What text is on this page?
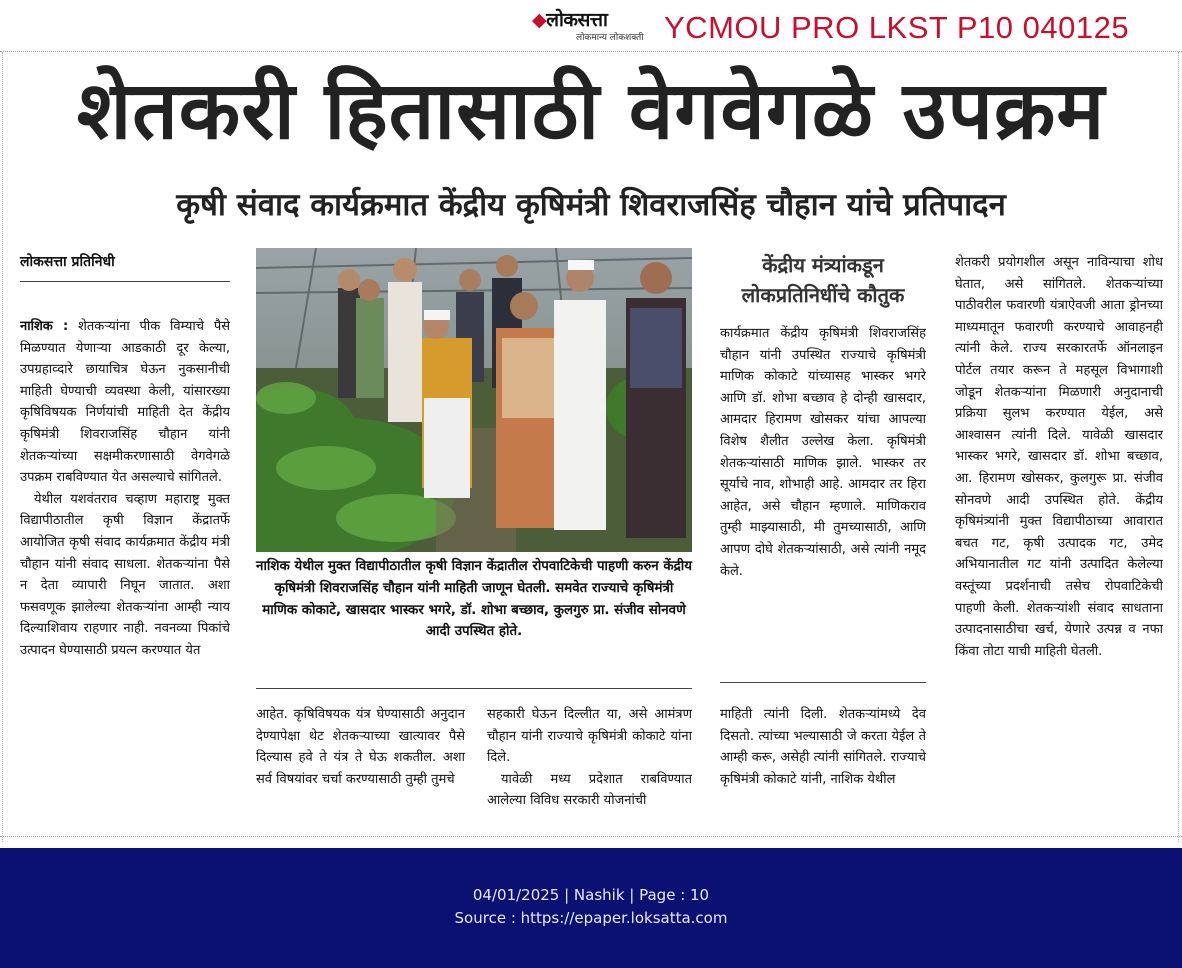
◆लोकसत्ता
लोकमान्य लोकशक्ती YCMOU PRO LKST P10 040125
शेतकरी हितासाठी वेगवेगळे उपक्रम
कृषी संवाद कार्यक्रमात केंद्रीय कृषिमंत्री शिवराजसिंह चौहान यांचे प्रतिपादन
लोकसत्ता प्रतिनिधी
नाशिक : शेतकऱ्यांना पीक विम्याचे पैसे मिळण्यात येणाऱ्या आडकाठी दूर केल्या, उपग्रहाव्दारे छायाचित्र घेऊन नुकसानीची माहिती घेण्याची व्यवस्था केली, यांसारख्या कृषिविषयक निर्णयांची माहिती देत केंद्रीय कृषिमंत्री शिवराजसिंह चौहान यांनी शेतकऱ्यांच्या सक्षमीकरणासाठी वेगवेगळे उपक्रम राबविण्यात येत असल्याचे सांगितले.
येथील यशवंतराव चव्हाण महाराष्ट्र मुक्त विद्यापीठातील कृषी विज्ञान केंद्रातर्फे आयोजित कृषी संवाद कार्यक्रमात केंद्रीय मंत्री चौहान यांनी संवाद साधला. शेतकऱ्यांना पैसे न देता व्यापारी निघून जातात. अशा फसवणूक झालेल्या शेतकऱ्यांना आम्ही न्याय दिल्याशिवाय राहणार नाही. नवनव्या पिकांचे उत्पादन घेण्यासाठी प्रयत्न करण्यात येत
नाशिक येथील मुक्त विद्यापीठातील कृषी विज्ञान केंद्रातील रोपवाटिकेची पाहणी करुन केंद्रीय कृषिमंत्री शिवराजसिंह चौहान यांनी माहिती जाणून घेतली. समवेत राज्याचे कृषिमंत्री माणिक कोकाटे, खासदार भास्कर भगरे, डॉ. शोभा बच्छाव, कुलगुरु प्रा. संजीव सोनवणे आदी उपस्थित होते.
आहेत. कृषिविषयक यंत्र घेण्यासाठी अनुदान देण्यापेक्षा थेट शेतकऱ्याच्या खात्यावर पैसे दिल्यास हवे ते यंत्र ते घेऊ शकतील. अशा सर्व विषयांवर चर्चा करण्यासाठी तुम्ही तुमचे
सहकारी घेऊन दिल्लीत या, असे आमंत्रण चौहान यांनी राज्याचे कृषिमंत्री कोकाटे यांना दिले.
यावेळी मध्य प्रदेशात राबविण्यात आलेल्या विविध सरकारी योजनांची
केंद्रीय मंत्र्यांकडून लोकप्रतिनिधींचे कौतुक
कार्यक्रमात केंद्रीय कृषिमंत्री शिवराजसिंह चौहान यांनी उपस्थित राज्याचे कृषिमंत्री माणिक कोकाटे यांच्यासह भास्कर भगरे आणि डॉ. शोभा बच्छाव हे दोन्ही खासदार, आमदार हिरामण खोसकर यांचा आपल्या विशेष शैलीत उल्लेख केला. कृषिमंत्री शेतकऱ्यांसाठी माणिक झाले. भास्कर तर सूर्याचे नाव, शोभाही आहे. आमदार तर हिरा आहेत, असे चौहान म्हणाले. माणिकराव तुम्ही माझ्यासाठी, मी तुमच्यासाठी, आणि आपण दोघे शेतकऱ्यांसाठी, असे त्यांनी नमूद केले.
माहिती त्यांनी दिली. शेतकऱ्यांमध्ये देव दिसतो. त्यांच्या भल्यासाठी जे करता येईल ते आम्ही करू, असेही त्यांनी सांगितले. राज्याचे कृषिमंत्री कोकाटे यांनी, नाशिक येथील
शेतकरी प्रयोगशील असून नाविन्याचा शोध घेतात, असे सांगितले. शेतकऱ्यांच्या पाठीवरील फवारणी यंत्राऐवजी आता ड्रोनच्या माध्यमातून फवारणी करण्याचे आवाहनही त्यांनी केले. राज्य सरकारतर्फे ऑनलाइन पोर्टल तयार करून ते महसूल विभागाशी जोडून शेतकऱ्यांना मिळणारी अनुदानाची प्रक्रिया सुलभ करण्यात येईल, असे आश्वासन त्यांनी दिले. यावेळी खासदार भास्कर भगरे, खासदार डॉ. शोभा बच्छाव, आ. हिरामण खोसकर, कुलगुरू प्रा. संजीव सोनवणे आदी उपस्थित होते. केंद्रीय कृषिमंत्र्यांनी मुक्त विद्यापीठाच्या आवारात बचत गट, कृषी उत्पादक गट, उमेद अभियानातील गट यांनी उत्पादित केलेल्या वस्तूंच्या प्रदर्शनाची तसेच रोपवाटिकेची पाहणी केली. शेतकऱ्यांशी संवाद साधताना उत्पादनासाठीचा खर्च, येणारे उत्पन्न व नफा किंवा तोटा याची माहिती घेतली.
04/01/2025 | Nashik | Page : 10
Source : https://epaper.loksatta.com
